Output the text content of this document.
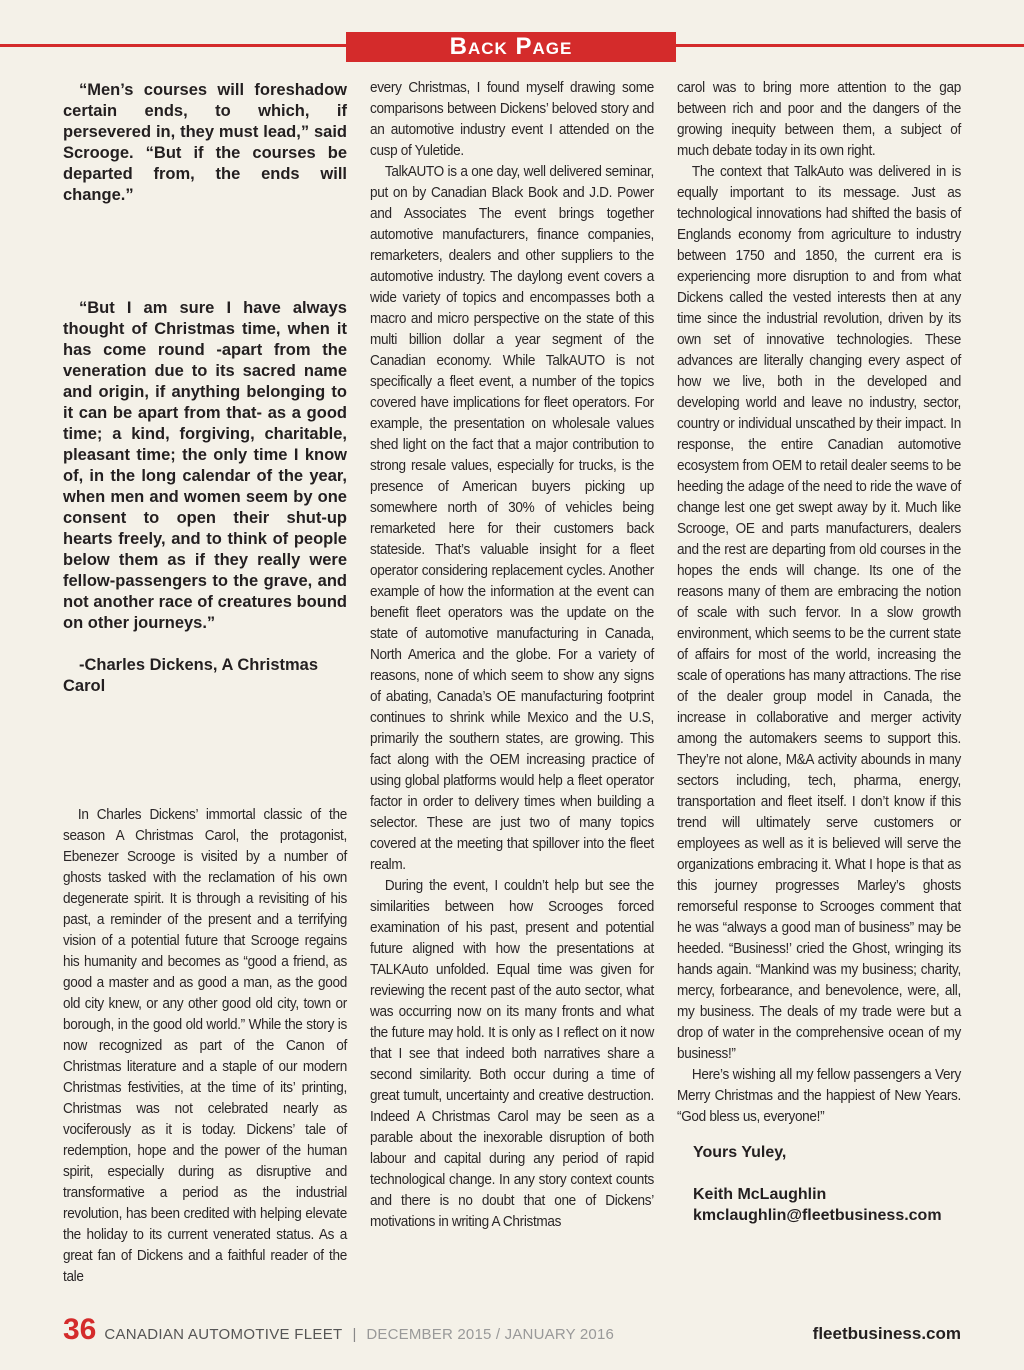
Back Page

“Men’s courses will foreshadow certain ends, to which, if persevered in, they must lead,” said Scrooge. “But if the courses be departed from, the ends will change.”

“But I am sure I have always thought of Christmas time, when it has come round -apart from the veneration due to its sacred name and origin, if anything belonging to it can be apart from that- as a good time; a kind, forgiving, charitable, pleasant time; the only time I know of, in the long calendar of the year, when men and women seem by one consent to open their shut-up hearts freely, and to think of people below them as if they really were fellow-passengers to the grave, and not another race of creatures bound on other journeys.”

-Charles Dickens, A Christmas Carol

In Charles Dickens’ immortal classic of the season A Christmas Carol, the protagonist, Ebenezer Scrooge is visited by a number of ghosts tasked with the reclamation of his own degenerate spirit. It is through a revisiting of his past, a reminder of the present and a terrifying vision of a potential future that Scrooge regains his humanity and becomes as “good a friend, as good a master and as good a man, as the good old city knew, or any other good old city, town or borough, in the good old world.” While the story is now recognized as part of the Canon of Christmas literature and a staple of our modern Christmas festivities, at the time of its’ printing, Christmas was not celebrated nearly as vociferously as it is today. Dickens’ tale of redemption, hope and the power of the human spirit, especially during as disruptive and transformative a period as the industrial revolution, has been credited with helping elevate the holiday to its current venerated status. As a great fan of Dickens and a faithful reader of the tale

every Christmas, I found myself drawing some comparisons between Dickens’ beloved story and an automotive industry event I attended on the cusp of Yuletide.

TalkAUTO is a one day, well delivered seminar, put on by Canadian Black Book and J.D. Power and Associates The event brings together automotive manufacturers, finance companies, remarketers, dealers and other suppliers to the automotive industry. The daylong event covers a wide variety of topics and encompasses both a macro and micro perspective on the state of this multi billion dollar a year segment of the Canadian economy. While TalkAUTO is not specifically a fleet event, a number of the topics covered have implications for fleet operators. For example, the presentation on wholesale values shed light on the fact that a major contribution to strong resale values, especially for trucks, is the presence of American buyers picking up somewhere north of 30% of vehicles being remarketed here for their customers back stateside. That’s valuable insight for a fleet operator considering replacement cycles. Another example of how the information at the event can benefit fleet operators was the update on the state of automotive manufacturing in Canada, North America and the globe. For a variety of reasons, none of which seem to show any signs of abating, Canada’s OE manufacturing footprint continues to shrink while Mexico and the U.S, primarily the southern states, are growing. This fact along with the OEM increasing practice of using global platforms would help a fleet operator factor in order to delivery times when building a selector. These are just two of many topics covered at the meeting that spillover into the fleet realm.

During the event, I couldn’t help but see the similarities between how Scrooges forced examination of his past, present and potential future aligned with how the presentations at TALKAuto unfolded. Equal time was given for reviewing the recent past of the auto sector, what was occurring now on its many fronts and what the future may hold. It is only as I reflect on it now that I see that indeed both narratives share a second similarity. Both occur during a time of great tumult, uncertainty and creative destruction. Indeed A Christmas Carol may be seen as a parable about the inexorable disruption of both labour and capital during any period of rapid technological change. In any story context counts and there is no doubt that one of Dickens’ motivations in writing A Christmas

carol was to bring more attention to the gap between rich and poor and the dangers of the growing inequity between them, a subject of much debate today in its own right.

The context that TalkAuto was delivered in is equally important to its message. Just as technological innovations had shifted the basis of Englands economy from agriculture to industry between 1750 and 1850, the current era is experiencing more disruption to and from what Dickens called the vested interests then at any time since the industrial revolution, driven by its own set of innovative technologies. These advances are literally changing every aspect of how we live, both in the developed and developing world and leave no industry, sector, country or individual unscathed by their impact. In response, the entire Canadian automotive ecosystem from OEM to retail dealer seems to be heeding the adage of the need to ride the wave of change lest one get swept away by it. Much like Scrooge, OE and parts manufacturers, dealers and the rest are departing from old courses in the hopes the ends will change. Its one of the reasons many of them are embracing the notion of scale with such fervor. In a slow growth environment, which seems to be the current state of affairs for most of the world, increasing the scale of operations has many attractions. The rise of the dealer group model in Canada, the increase in collaborative and merger activity among the automakers seems to support this. They’re not alone, M&A activity abounds in many sectors including, tech, pharma, energy, transportation and fleet itself. I don’t know if this trend will ultimately serve customers or employees as well as it is believed will serve the organizations embracing it. What I hope is that as this journey progresses Marley’s ghosts remorseful response to Scrooges comment that he was “always a good man of business” may be heeded. “Business!’ cried the Ghost, wringing its hands again. “Mankind was my business; charity, mercy, forbearance, and benevolence, were, all, my business. The deals of my trade were but a drop of water in the comprehensive ocean of my business!”

Here’s wishing all my fellow passengers a Very Merry Christmas and the happiest of New Years. “God bless us, everyone!”

Yours Yuley,

Keith McLaughlin

kmclaughlin@fleetbusiness.com

36 CANADIAN AUTOMOTIVE FLEET | DECEMBER 2015 / JANUARY 2016	fleetbusiness.com
